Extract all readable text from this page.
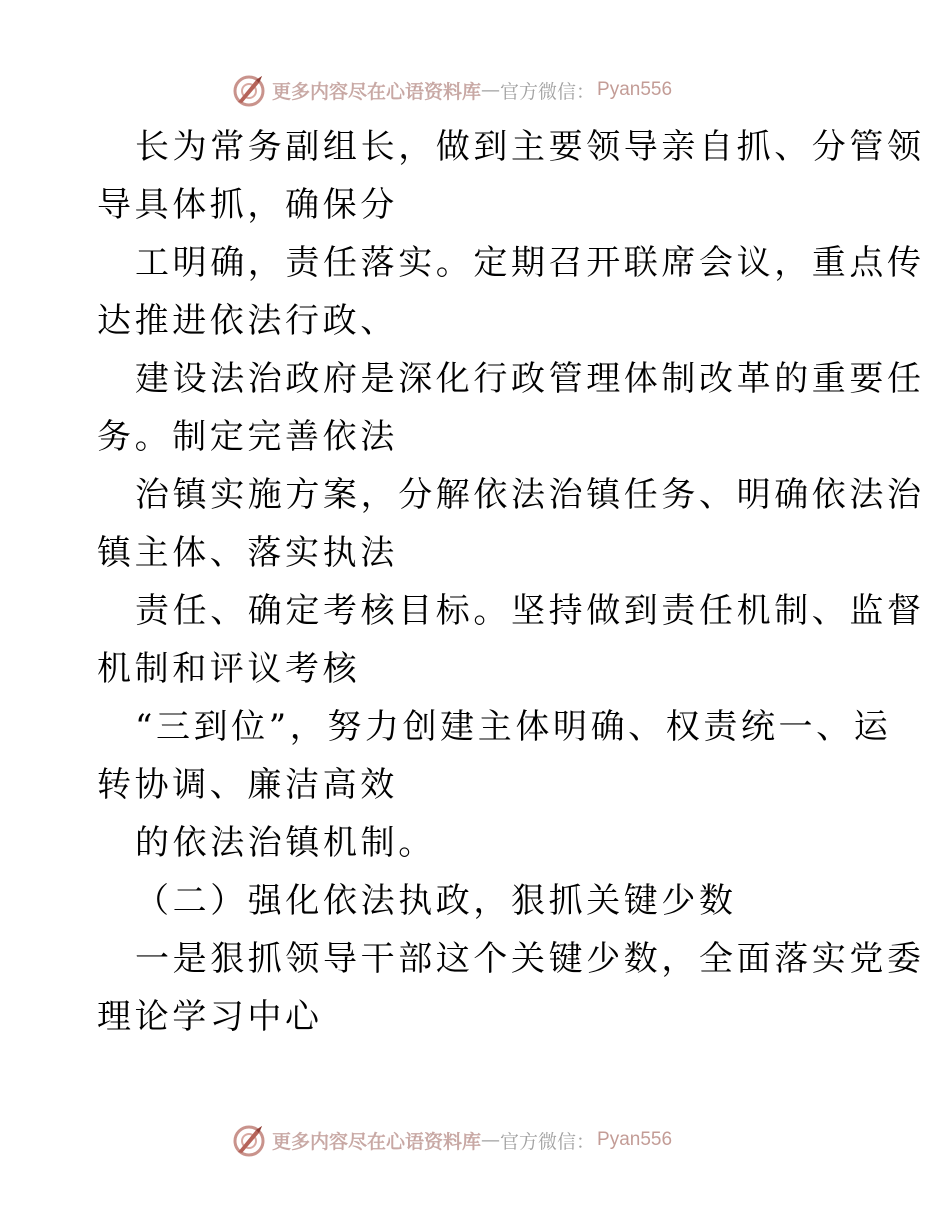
更多内容尽在心语资料库 — 官方微信： Pyan556
长为常务副组长，做到主要领导亲自抓、分管领
导具体抓，确保分
工明确，责任落实。定期召开联席会议，重点传
达推进依法行政、
建设法治政府是深化行政管理体制改革的重要任
务。制定完善依法
治镇实施方案，分解依法治镇任务、明确依法治
镇主体、落实执法
责任、确定考核目标。坚持做到责任机制、监督
机制和评议考核
“三到位”，努力创建主体明确、权责统一、运
转协调、廉洁高效
的依法治镇机制。
（二）强化依法执政，狠抓关键少数
一是狠抓领导干部这个关键少数，全面落实党委
理论学习中心
更多内容尽在心语资料库 — 官方微信： Pyan556
